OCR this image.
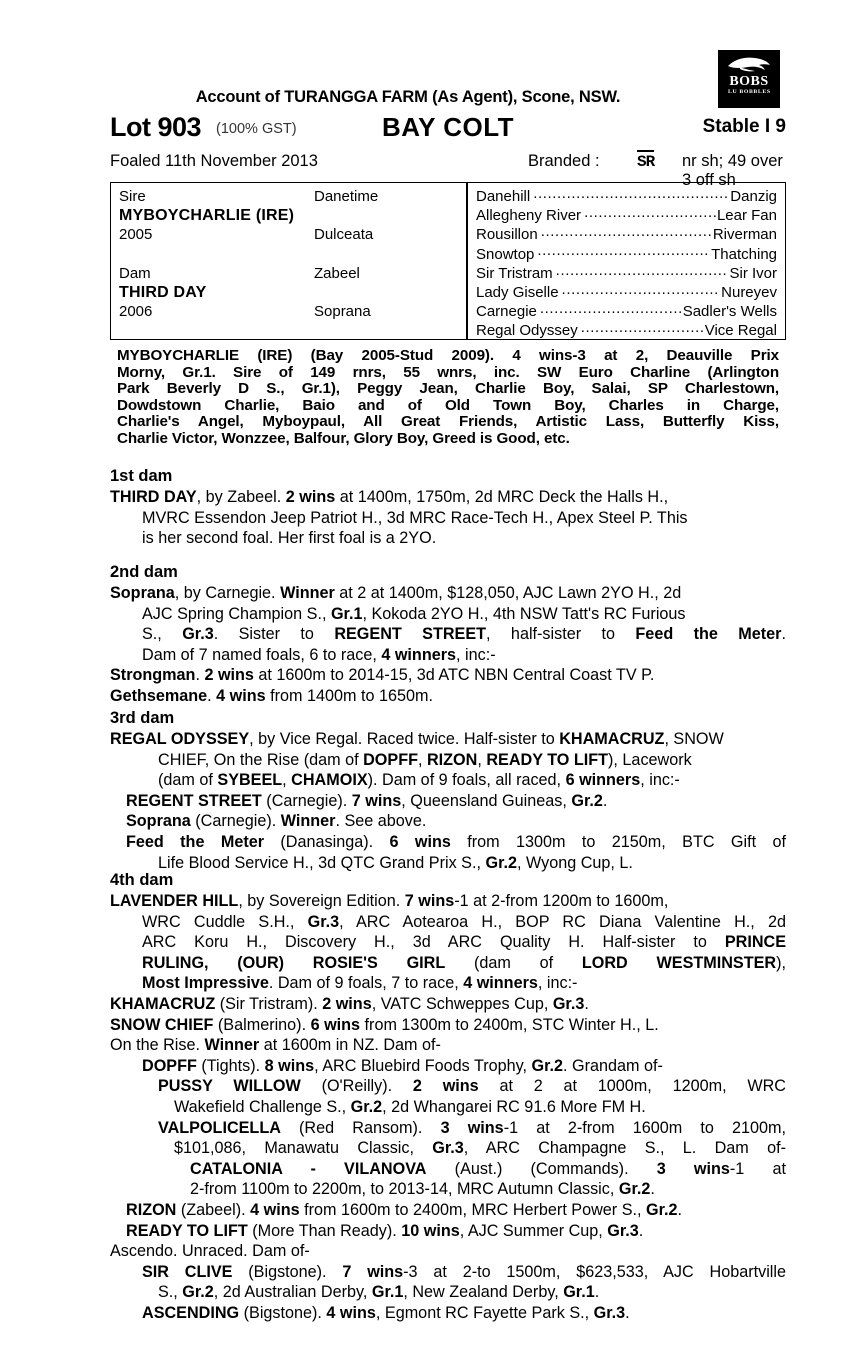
BOBS
LU BOBBLES
Account of TURANGGA FARM (As Agent), Scone, NSW.
BAY COLT
Lot 903 (100% GST)	Stable I 9
Foaled 11th November 2013	Branded : SR nr sh; 49 over 3 off sh
Sire	Danetime
MYBOYCHARLIE (IRE)
2005	Dulceata
Dam	Zabeel
THIRD DAY
2006	Soprana
Danehill .....	Danzig
Allegheny River .....	Lear Fan
Rousillon .....	Riverman
Snowtop .....	Thatching
Sir Tristram .....	Sir Ivor
Lady Giselle .....	Nureyev
Carnegie .....	Sadler's Wells
Regal Odyssey .....	Vice Regal
MYBOYCHARLIE (IRE) (Bay 2005-Stud 2009). 4 wins-3 at 2, Deauville Prix
Morny, Gr.1. Sire of 149 rnrs, 55 wnrs, inc. SW Euro Charline (Arlington
Park Beverly D S., Gr.1), Peggy Jean, Charlie Boy, Salai, SP Charlestown,
Dowdstown Charlie, Baio and of Old Town Boy, Charles in Charge,
Charlie's Angel, Myboypaul, All Great Friends, Artistic Lass, Butterfly Kiss,
Charlie Victor, Wonzzee, Balfour, Glory Boy, Greed is Good, etc.
1st dam
THIRD DAY, by Zabeel. 2 wins at 1400m, 1750m, 2d MRC Deck the Halls H.,
MVRC Essendon Jeep Patriot H., 3d MRC Race-Tech H., Apex Steel P. This
is her second foal. Her first foal is a 2YO.
2nd dam
Soprana, by Carnegie. Winner at 2 at 1400m, $128,050, AJC Lawn 2YO H., 2d
AJC Spring Champion S., Gr.1, Kokoda 2YO H., 4th NSW Tatt's RC Furious
S., Gr.3. Sister to REGENT STREET, half-sister to Feed the Meter.
Dam of 7 named foals, 6 to race, 4 winners, inc:-
Strongman. 2 wins at 1600m to 2014-15, 3d ATC NBN Central Coast TV P.
Gethsemane. 4 wins from 1400m to 1650m.
3rd dam
REGAL ODYSSEY, by Vice Regal. Raced twice. Half-sister to KHAMACRUZ, SNOW
CHIEF, On the Rise (dam of DOPFF, RIZON, READY TO LIFT), Lacework
(dam of SYBEEL, CHAMOIX). Dam of 9 foals, all raced, 6 winners, inc:-
REGENT STREET (Carnegie). 7 wins, Queensland Guineas, Gr.2.
Soprana (Carnegie). Winner. See above.
Feed the Meter (Danasinga). 6 wins from 1300m to 2150m, BTC Gift of
Life Blood Service H., 3d QTC Grand Prix S., Gr.2, Wyong Cup, L.
4th dam
LAVENDER HILL, by Sovereign Edition. 7 wins-1 at 2-from 1200m to 1600m,
WRC Cuddle S.H., Gr.3, ARC Aotearoa H., BOP RC Diana Valentine H., 2d
ARC Koru H., Discovery H., 3d ARC Quality H. Half-sister to PRINCE
RULING, (OUR) ROSIE'S GIRL (dam of LORD WESTMINSTER),
Most Impressive. Dam of 9 foals, 7 to race, 4 winners, inc:-
KHAMACRUZ (Sir Tristram). 2 wins, VATC Schweppes Cup, Gr.3.
SNOW CHIEF (Balmerino). 6 wins from 1300m to 2400m, STC Winter H., L.
On the Rise. Winner at 1600m in NZ. Dam of-
DOPFF (Tights). 8 wins, ARC Bluebird Foods Trophy, Gr.2. Grandam of-
PUSSY WILLOW (O'Reilly). 2 wins at 2 at 1000m, 1200m, WRC
Wakefield Challenge S., Gr.2, 2d Whangarei RC 91.6 More FM H.
VALPOLICELLA (Red Ransom). 3 wins-1 at 2-from 1600m to 2100m,
$101,086, Manawatu Classic, Gr.3, ARC Champagne S., L. Dam of-
CATALONIA - VILANOVA (Aust.) (Commands). 3 wins-1 at
2-from 1100m to 2200m, to 2013-14, MRC Autumn Classic, Gr.2.
RIZON (Zabeel). 4 wins from 1600m to 2400m, MRC Herbert Power S., Gr.2.
READY TO LIFT (More Than Ready). 10 wins, AJC Summer Cup, Gr.3.
Ascendo. Unraced. Dam of-
SIR CLIVE (Bigstone). 7 wins-3 at 2-to 1500m, $623,533, AJC Hobartville
S., Gr.2, 2d Australian Derby, Gr.1, New Zealand Derby, Gr.1.
ASCENDING (Bigstone). 4 wins, Egmont RC Fayette Park S., Gr.3.
